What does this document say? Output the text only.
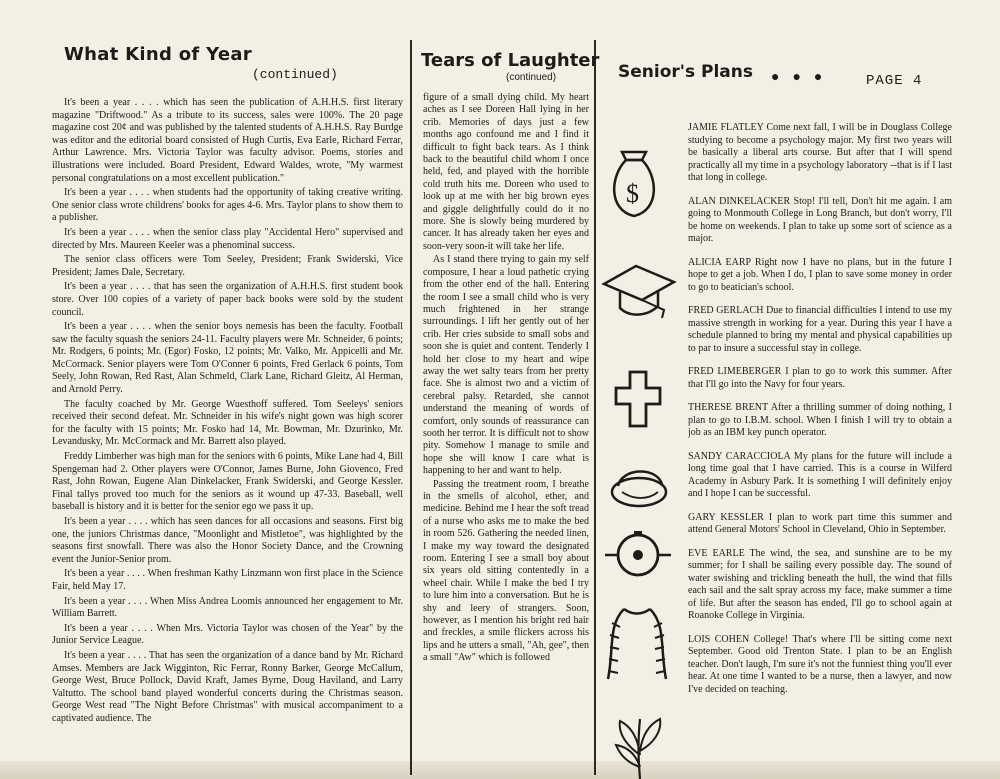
What Kind of Year
(continued)
Tears of Laughter
(continued)	Senior's Plans ●●● PAGE 4

It's been a year . . . . which has seen the publication of A.H.H.S. first literary magazine "Driftwood." As a tribute to its success, sales were 100%. The 20 page magazine cost 20¢ and was published by the talented students of A.H.H.S. Ray Burdge was editor and the editorial board consisted of Hugh Curtis, Eva Earle, Richard Ferrar, Arthur Lawrence. Mrs. Victoria Taylor was faculty advisor. Poems, stories and illustrations were included. Board President, Edward Waldes, wrote, "My warmest personal congratulations on a most excellent publication."

It's been a year . . . . when students had the opportunity of taking creative writing. One senior class wrote childrens' books for ages 4-6. Mrs. Taylor plans to show them to a publisher.

It's been a year . . . . when the senior class play "Accidental Hero" supervised and directed by Mrs. Maureen Keeler was a phenominal success.

The senior class officers were Tom Seeley, President; Frank Swiderski, Vice President; James Dale, Secretary.

It's been a year . . . . that has seen the organization of A.H.H.S. first student book store. Over 100 copies of a variety of paper back books were sold by the student council.

It's been a year . . . . when the senior boys nemesis has been the faculty. Football saw the faculty squash the seniors 24-11. Faculty players were Mr. Schneider, 6 points; Mr. Rodgers, 6 points; Mr. (Egor) Fosko, 12 points; Mr. Valko, Mr. Appicelli and Mr. McCormack. Senior players were Tom O'Conner 6 points, Fred Gerlack 6 points, Tom Seely, John Rowan, Red Rast, Alan Schmeld, Clark Lane, Richard Gleitz, Al Herman, and Arnold Perry.

The faculty coached by Mr. George Wuesthoff suffered. Tom Seeleys' seniors received their second defeat. Mr. Schneider in his wife's night gown was high scorer for the faculty with 15 points; Mr. Fosko had 14, Mr. Bowman, Mr. Dzurinko, Mr. Levandusky, Mr. McCormack and Mr. Barrett also played.

Freddy Limberher was high man for the seniors with 6 points, Mike Lane had 4, Bill Spengeman had 2. Other players were O'Connor, James Burne, John Giovenco, Fred Rast, John Rowan, Eugene Alan Dinkelacker, Frank Swiderski, and George Kessler. Final tallys proved too much for the seniors as it wound up 47-33. Baseball, well baseball is history and it is better for the senior ego we pass it up.

It's been a year . . . . which has seen dances for all occasions and seasons. First big one, the juniors Christmas dance, "Moonlight and Mistletoe", was highlighted by the seasons first snowfall. There was also the Honor Society Dance, and the Crowning event the Junior-Senior prom.

It's been a year . . . . When freshman Kathy Linzmann won first place in the Science Fair, held May 17.

It's been a year . . . . When Miss Andrea Loomis announced her engagement to Mr. William Barrett.

It's been a year . . . . When Mrs. Victoria Taylor was chosen of the Year" by the Junior Service League.

It's been a year . . . . That has seen the organization of a dance band by Mr. Richard Amses. Members are Jack Wigginton, Ric Ferrar, Ronny Barker, George McCallum, George West, Bruce Pollock, David Kraft, James Byrne, Doug Haviland, and Larry Valtutto. The school band played wonderful concerts during the Christmas season. George West read "The Night Before Christmas" with musical accompaniment to a captivated audience. The

figure of a small dying child. My heart aches as I see Doreen Hall lying in her crib. Memories of days just a few months ago confound me and I find it difficult to fight back tears. As I think back to the beautiful child whom I once held, fed, and played with the horrible cold truth hits me. Doreen who used to look up at me with her big brown eyes and giggle delightfully could do it no more. She is slowly being murdered by cancer. It has already taken her eyes and soon-very soon-it will take her life.

As I stand there trying to gain my self composure, I hear a loud pathetic crying from the other end of the hall. Entering the room I see a small child who is very much frightened in her strange surroundings. I lift her gently out of her crib. Her cries subside to small sobs and soon she is quiet and content. Tenderly I hold her close to my heart and wipe away the wet salty tears from her pretty face. She is almost two and a victim of cerebral palsy. Retarded, she cannot understand the meaning of words of comfort, only sounds of reassurance can sooth her terror. It is difficult not to show pity. Somehow I manage to smile and hope she will know I care what is happening to her and want to help.

Passing the treatment room, I breathe in the smells of alcohol, ether, and medicine. Behind me I hear the soft tread of a nurse who asks me to make the bed in room 526. Gathering the needed linen, I make my way toward the designated room. Entering I see a small boy about six years old sitting contentedly in a wheel chair. While I make the bed I try to lure him into a conversation. But he is shy and leery of strangers. Soon, however, as I mention his bright red hair and freckles, a smile flickers across his lips and he utters a small, "Ah, gee", then a small "Aw" which is followed

$
JAMIE FLATLEY Come next fall, I will be in Douglass College studying to become a psychology major. My first two years will be basically a liberal arts course. But after that I will spend practically all my time in a psychology laboratory --that is if I last that long in college.
ALAN DINKELACKER Stop! I'll tell, Don't hit me again. I am going to Monmouth College in Long Branch, but don't worry, I'll be home on weekends. I plan to take up some sort of science as a major.
ALICIA EARP Right now I have no plans, but in the future I hope to get a job. When I do, I plan to save some money in order to go to beatician's school.
FRED GERLACH Due to financial difficulties I intend to use my massive strength in working for a year. During this year I have a schedule planned to bring my mental and physical capabilities up to par to insure a successful stay in college.
FRED LIMEBERGER I plan to go to work this summer. After that I'll go into the Navy for four years.
THERESE BRENT After a thrilling summer of doing nothing, I plan to go to I.B.M. school. When I finish I will try to obtain a job as an IBM key punch operator.
SANDY CARACCIOLA My plans for the future will include a long time goal that I have carried. This is a course in Wilferd Academy in Asbury Park. It is something I will definitely enjoy and I hope I can be successful.
GARY KESSLER I plan to work part time this summer and attend General Motors' School in Cleveland, Ohio in September.
EVE EARLE The wind, the sea, and sunshine are to be my summer; for I shall be sailing every possible day. The sound of water swishing and trickling beneath the hull, the wind that fills each sail and the salt spray across my face, make summer a time of life. But after the season has ended, I'll go to school again at Roanoke College in Virginia.
LOIS COHEN College! That's where I'll be sitting come next September. Good old Trenton State. I plan to be an English teacher. Don't laugh, I'm sure it's not the funniest thing you'll ever hear. At one time I wanted to be a nurse, then a lawyer, and now I've decided on teaching.
